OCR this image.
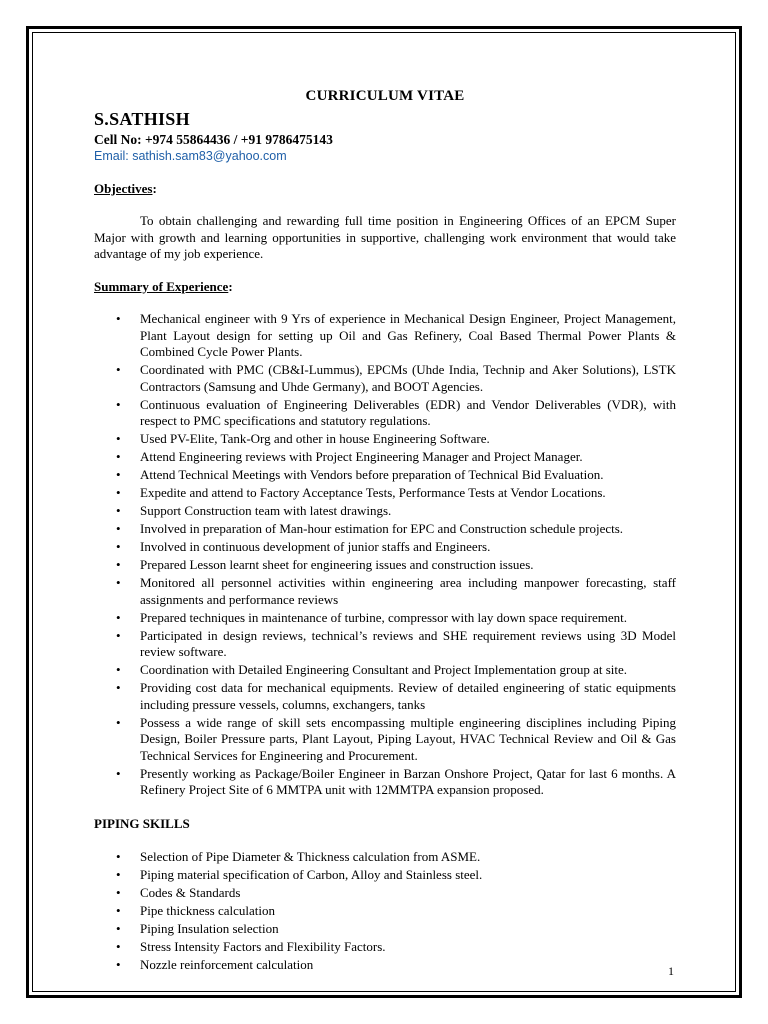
CURRICULUM VITAE
S.SATHISH
Cell No: +974 55864436 / +91 9786475143
Email: sathish.sam83@yahoo.com
Objectives:

To obtain challenging and rewarding full time position in Engineering Offices of an EPCM Super Major with growth and learning opportunities in supportive, challenging work environment that would take advantage of my job experience.

Summary of Experience:
• Mechanical engineer with 9 Yrs of experience in Mechanical Design Engineer, Project Management, Plant Layout design for setting up Oil and Gas Refinery, Coal Based Thermal Power Plants & Combined Cycle Power Plants.
• Coordinated with PMC (CB&I-Lummus), EPCMs (Uhde India, Technip and Aker Solutions), LSTK Contractors (Samsung and Uhde Germany), and BOOT Agencies.
• Continuous evaluation of Engineering Deliverables (EDR) and Vendor Deliverables (VDR), with respect to PMC specifications and statutory regulations.
• Used PV-Elite, Tank-Org and other in house Engineering Software.
• Attend Engineering reviews with Project Engineering Manager and Project Manager.
• Attend Technical Meetings with Vendors before preparation of Technical Bid Evaluation.
• Expedite and attend to Factory Acceptance Tests, Performance Tests at Vendor Locations.
• Support Construction team with latest drawings.
• Involved in preparation of Man-hour estimation for EPC and Construction schedule projects.
• Involved in continuous development of junior staffs and Engineers.
• Prepared Lesson learnt sheet for engineering issues and construction issues.
• Monitored all personnel activities within engineering area including manpower forecasting, staff assignments and performance reviews
• Prepared techniques in maintenance of turbine, compressor with lay down space requirement.
• Participated in design reviews, technical’s reviews and SHE requirement reviews using 3D Model review software.
• Coordination with Detailed Engineering Consultant and Project Implementation group at site.
• Providing cost data for mechanical equipments. Review of detailed engineering of static equipments including pressure vessels, columns, exchangers, tanks
• Possess a wide range of skill sets encompassing multiple engineering disciplines including Piping Design, Boiler Pressure parts, Plant Layout, Piping Layout, HVAC Technical Review and Oil & Gas Technical Services for Engineering and Procurement.
• Presently working as Package/Boiler Engineer in Barzan Onshore Project, Qatar for last 6 months. A Refinery Project Site of 6 MMTPA unit with 12MMTPA expansion proposed.
PIPING SKILLS
• Selection of Pipe Diameter & Thickness calculation from ASME.
• Piping material specification of Carbon, Alloy and Stainless steel.
• Codes & Standards
• Pipe thickness calculation
• Piping Insulation selection
• Stress Intensity Factors and Flexibility Factors.
• Nozzle reinforcement calculation	1
